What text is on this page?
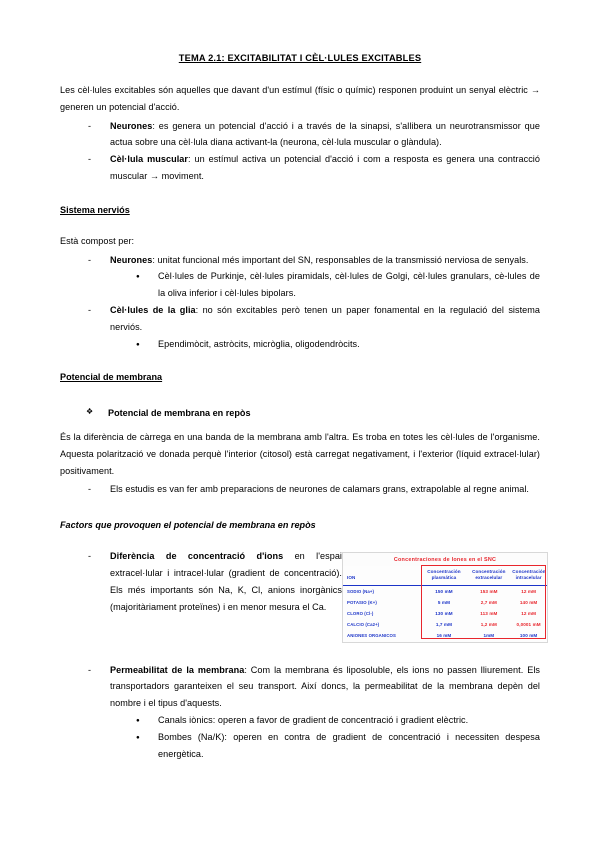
TEMA 2.1: EXCITABILITAT I CÈL·LULES EXCITABLES

Les cèl·lules excitables són aquelles que davant d'un estímul (físic o químic) responen produint un senyal elèctric → generen un potencial d'acció.

- Neurones: es genera un potencial d'acció i a través de la sinapsi, s'allibera un neurotransmissor que actua sobre una cèl·lula diana activant-la (neurona, cèl·lula muscular o glàndula).
- Cèl·lula muscular: un estímul activa un potencial d'acció i com a resposta es genera una contracció muscular → moviment.
Sistema nerviós

Està compost per:

- Neurones: unitat funcional més important del SN, responsables de la transmissió nerviosa de senyals.
● Cèl·lules de Purkinje, cèl·lules piramidals, cèl·lules de Golgi, cèl·lules granulars, cè-lules de la oliva inferior i cèl·lules bipolars.
- Cèl·lules de la glia: no són excitables però tenen un paper fonamental en la regulació del sistema nerviós.
● Ependimòcit, astròcits, micròglia, oligodendròcits.
Potencial de membrana
❖ Potencial de membrana en repòs

És la diferència de càrrega en una banda de la membrana amb l'altra. Es troba en totes les cèl·lules de l'organisme. Aquesta polarització ve donada perquè l'interior (citosol) està carregat negativament, i l'exterior (líquid extracel·lular) positivament.

- Els estudis es van fer amb preparacions de neurones de calamars grans, extrapolable al regne animal.
Factors que provoquen el potencial de membrana en repòs
- Diferència de concentració d'ions en l'espai extracel·lular i intracel·lular (gradient de concentració). Els més importants són Na, K, Cl, anions inorgànics (majoritàriament proteïnes) i en menor mesura el Ca.
Concentraciones de Iones en el SNC
ION	Concentración plasmática	Concentración extracelular	Concentración intracelular
SODIO (Na+)	150 mM	153 mM	12 mM
POTASIO (K+)	5 mM	2,7 mM	140 mM
CLORO (Cl-)	130 mM	113 mM	12 mM
CALCIO (Ca2+)	1,7 mM	1,2 mM	0,0001 mM
ANIONES ORGANICOS	16 mM	1mM	100 mM
- Permeabilitat de la membrana: Com la membrana és liposoluble, els ions no passen lliurement. Els transportadors garanteixen el seu transport. Així doncs, la permeabilitat de la membrana depèn del nombre i el tipus d'aquests.
● Canals iònics: operen a favor de gradient de concentració i gradient elèctric.
● Bombes (Na/K): operen en contra de gradient de concentració i necessiten despesa energètica.
